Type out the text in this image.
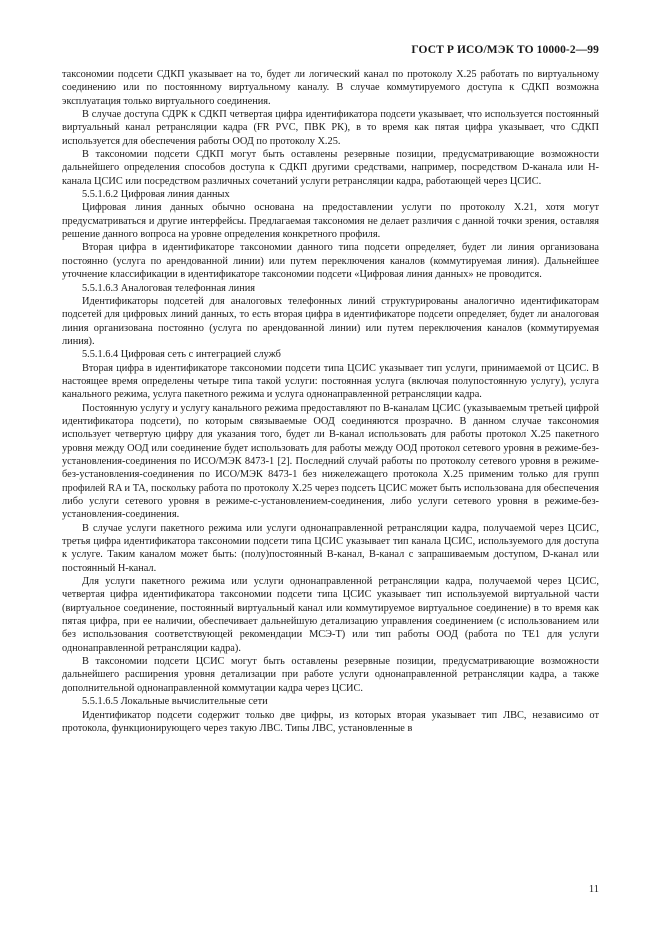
ГОСТ Р ИСО/МЭК ТО 10000-2—99

таксономии подсети СДКП указывает на то, будет ли логический канал по протоколу X.25 работать по виртуальному соединению или по постоянному виртуальному каналу. В случае коммутируемого доступа к СДКП возможна эксплуатация только виртуального соединения.

В случае доступа СДРК к СДКП четвертая цифра идентификатора подсети указывает, что используется постоянный виртуальный канал ретрансляции кадра (FR PVC, ПВК РК), в то время как пятая цифра указывает, что СДКП используется для обеспечения работы ООД по протоколу X.25.

В таксономии подсети СДКП могут быть оставлены резервные позиции, предусматривающие возможности дальнейшего определения способов доступа к СДКП другими средствами, например, посредством D-канала или H-канала ЦСИС или посредством различных сочетаний услуги ретрансляции кадра, работающей через ЦСИС.

5.5.1.6.2 Цифровая линия данных

Цифровая линия данных обычно основана на предоставлении услуги по протоколу X.21, хотя могут предусматриваться и другие интерфейсы. Предлагаемая таксономия не делает различия с данной точки зрения, оставляя решение данного вопроса на уровне определения конкретного профиля.

Вторая цифра в идентификаторе таксономии данного типа подсети определяет, будет ли линия организована постоянно (услуга по арендованной линии) или путем переключения каналов (коммутируемая линия). Дальнейшее уточнение классификации в идентификаторе таксономии подсети «Цифровая линия данных» не проводится.

5.5.1.6.3 Аналоговая телефонная линия

Идентификаторы подсетей для аналоговых телефонных линий структурированы аналогично идентификаторам подсетей для цифровых линий данных, то есть вторая цифра в идентификаторе подсети определяет, будет ли аналоговая линия организована постоянно (услуга по арендованной линии) или путем переключения каналов (коммутируемая линия).

5.5.1.6.4 Цифровая сеть с интеграцией служб

Вторая цифра в идентификаторе таксономии подсети типа ЦСИС указывает тип услуги, принимаемой от ЦСИС. В настоящее время определены четыре типа такой услуги: постоянная услуга (включая полупостоянную услугу), услуга канального режима, услуга пакетного режима и услуга однонаправленной ретрансляции кадра.

Постоянную услугу и услугу канального режима предоставляют по B-каналам ЦСИС (указываемым третьей цифрой идентификатора подсети), по которым связываемые ООД соединяются прозрачно. В данном случае таксономия использует четвертую цифру для указания того, будет ли B-канал использовать для работы протокол X.25 пакетного уровня между ООД или соединение будет использовать для работы между ООД протокол сетевого уровня в режиме-без-установления-соединения по ИСО/МЭК 8473-1 [2]. Последний случай работы по протоколу сетевого уровня в режиме-без-установления-соединения по ИСО/МЭК 8473-1 без нижележащего протокола X.25 применим только для групп профилей RA и TA, поскольку работа по протоколу X.25 через подсеть ЦСИС может быть использована для обеспечения либо услуги сетевого уровня в режиме-с-установлением-соединения, либо услуги сетевого уровня в режиме-без-установления-соединения.

В случае услуги пакетного режима или услуги однонаправленной ретрансляции кадра, получаемой через ЦСИС, третья цифра идентификатора таксономии подсети типа ЦСИС указывает тип канала ЦСИС, используемого для доступа к услуге. Таким каналом может быть: (полу)постоянный B-канал, B-канал с запрашиваемым доступом, D-канал или постоянный H-канал.

Для услуги пакетного режима или услуги однонаправленной ретрансляции кадра, получаемой через ЦСИС, четвертая цифра идентификатора таксономии подсети типа ЦСИС указывает тип используемой виртуальной части (виртуальное соединение, постоянный виртуальный канал или коммутируемое виртуальное соединение) в то время как пятая цифра, при ее наличии, обеспечивает дальнейшую детализацию управления соединением (с использованием или без использования соответствующей рекомендации МСЭ-Т) или тип работы ООД (работа по TE1 для услуги однонаправленной ретрансляции кадра).

В таксономии подсети ЦСИС могут быть оставлены резервные позиции, предусматривающие возможности дальнейшего расширения уровня детализации при работе услуги однонаправленной ретрансляции кадра, а также дополнительной однонаправленной коммутации кадра через ЦСИС.

5.5.1.6.5 Локальные вычислительные сети

Идентификатор подсети содержит только две цифры, из которых вторая указывает тип ЛВС, независимо от протокола, функционирующего через такую ЛВС. Типы ЛВС, установленные в

11
